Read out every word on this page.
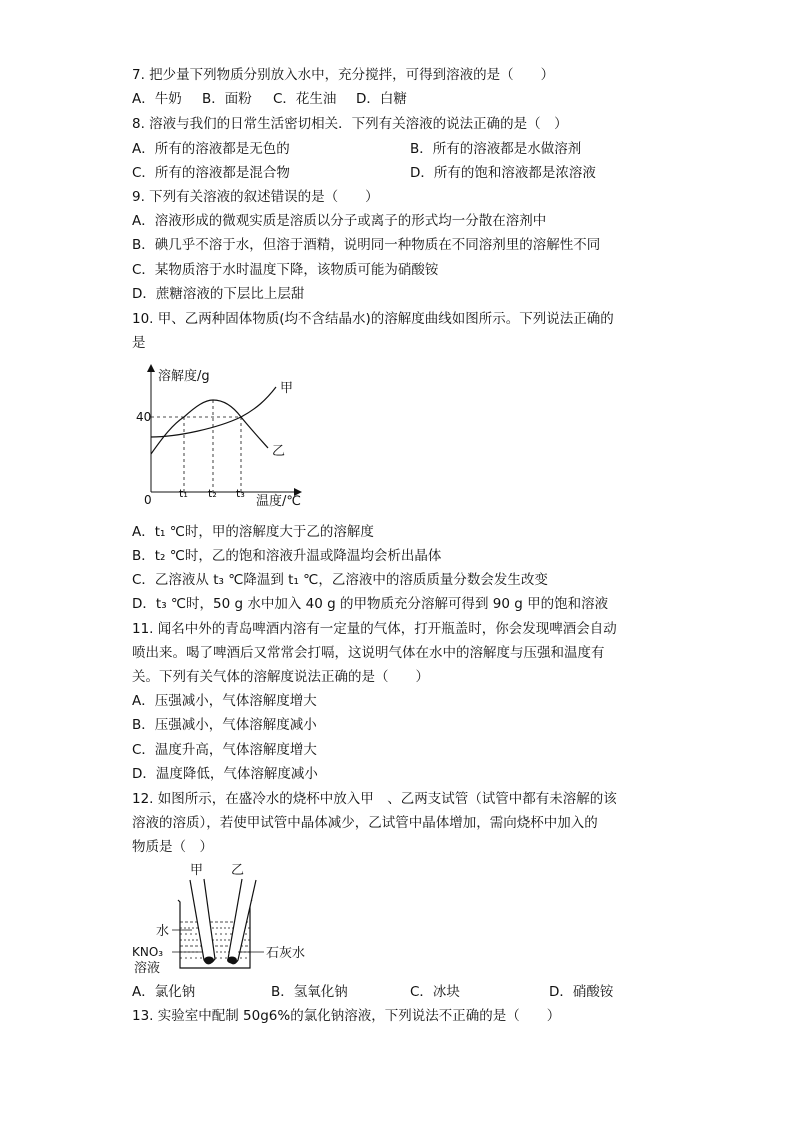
7. 把少量下列物质分别放入水中，充分搅拌，可得到溶液的是（　　）
A．牛奶 B．面粉 C．花生油 D．白糖
8. 溶液与我们的日常生活密切相关．下列有关溶液的说法正确的是（　）
A．所有的溶液都是无色的	B．所有的溶液都是水做溶剂
C．所有的溶液都是混合物	D．所有的饱和溶液都是浓溶液
9. 下列有关溶液的叙述错误的是（　　）
A．溶液形成的微观实质是溶质以分子或离子的形式均一分散在溶剂中
B．碘几乎不溶于水，但溶于酒精，说明同一种物质在不同溶剂里的溶解性不同
C．某物质溶于水时温度下降，该物质可能为硝酸铵
D．蔗糖溶液的下层比上层甜
10. 甲、乙两种固体物质(均不含结晶水)的溶解度曲线如图所示。下列说法正确的
是
溶解度/g
温度/℃
0
40
甲
乙
t₁ t₂ t₃
A．t₁ ℃时，甲的溶解度大于乙的溶解度
B．t₂ ℃时，乙的饱和溶液升温或降温均会析出晶体
C．乙溶液从 t₃ ℃降温到 t₁ ℃，乙溶液中的溶质质量分数会发生改变
D．t₃ ℃时，50 g 水中加入 40 g 的甲物质充分溶解可得到 90 g 甲的饱和溶液
11. 闻名中外的青岛啤酒内溶有一定量的气体，打开瓶盖时，你会发现啤酒会自动
喷出来。喝了啤酒后又常常会打嗝，这说明气体在水中的溶解度与压强和温度有
关。下列有关气体的溶解度说法正确的是（　　）
A．压强减小，气体溶解度增大
B．压强减小，气体溶解度减小
C．温度升高，气体溶解度增大
D．温度降低，气体溶解度减小
12. 如图所示，在盛冷水的烧杯中放入甲　、乙两支试管（试管中都有未溶解的该
溶液的溶质），若使甲试管中晶体减少，乙试管中晶体增加，需向烧杯中加入的
物质是（　）
甲 乙
水
KNO₃
溶液
石灰水
A．氯化钠	B．氢氧化钠	C．冰块	D．硝酸铵
13. 实验室中配制 50g6%的氯化钠溶液，下列说法不正确的是（　　）
